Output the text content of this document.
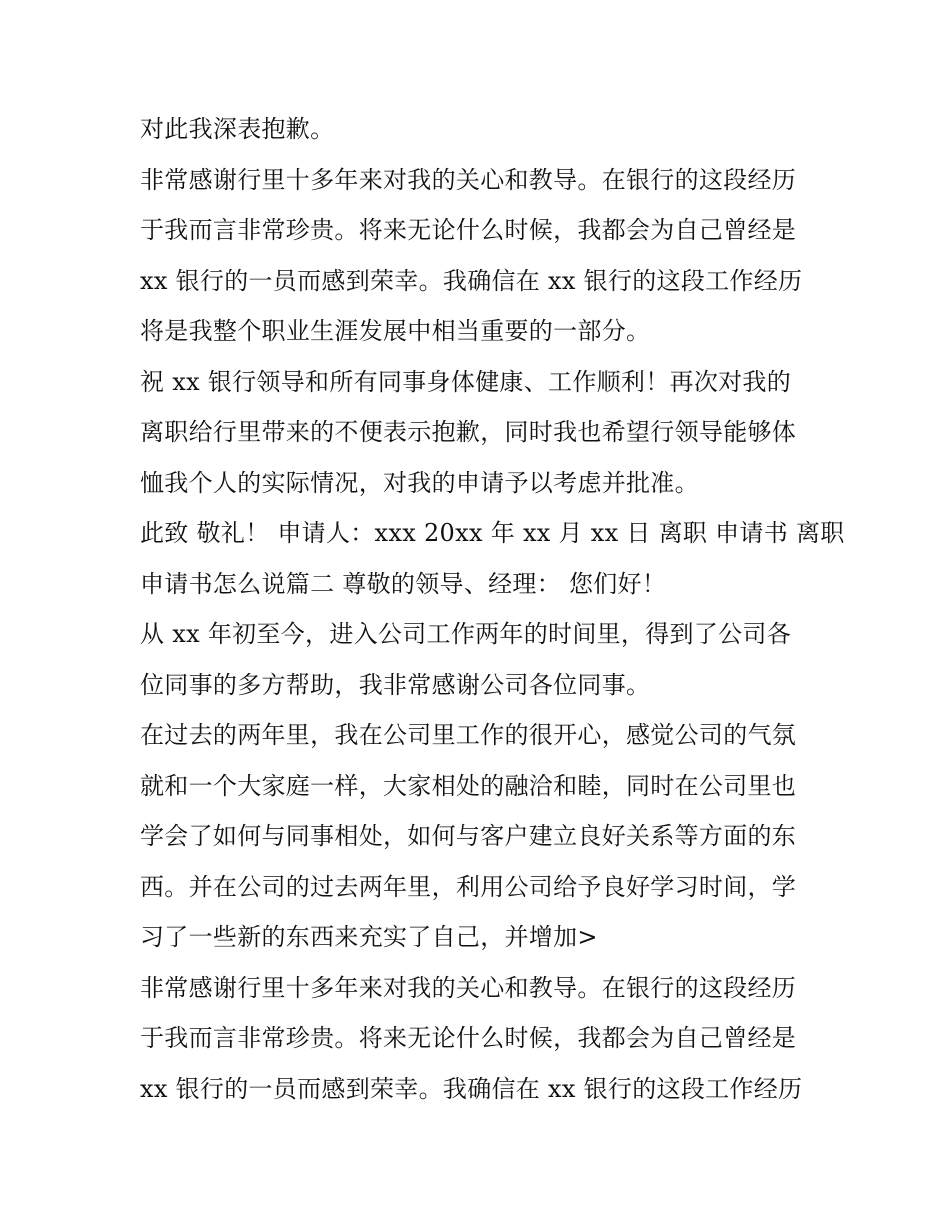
对此我深表抱歉。
非常感谢行里十多年来对我的关心和教导。在银行的这段经历
于我而言非常珍贵。将来无论什么时候，我都会为自己曾经是
xx 银行的一员而感到荣幸。我确信在 xx 银行的这段工作经历
将是我整个职业生涯发展中相当重要的一部分。
祝 xx 银行领导和所有同事身体健康、工作顺利！再次对我的
离职给行里带来的不便表示抱歉，同时我也希望行领导能够体
恤我个人的实际情况，对我的申请予以考虑并批准。
此致 敬礼！ 申请人：xxx 20xx 年 xx 月 xx 日 离职 申请书 离职
申请书怎么说篇二 尊敬的领导、经理： 您们好！
从 xx 年初至今，进入公司工作两年的时间里，得到了公司各
位同事的多方帮助，我非常感谢公司各位同事。
在过去的两年里，我在公司里工作的很开心，感觉公司的气氛
就和一个大家庭一样，大家相处的融洽和睦，同时在公司里也
学会了如何与同事相处，如何与客户建立良好关系等方面的东
西。并在公司的过去两年里，利用公司给予良好学习时间，学
习了一些新的东西来充实了自己，并增加>
非常感谢行里十多年来对我的关心和教导。在银行的这段经历
于我而言非常珍贵。将来无论什么时候，我都会为自己曾经是
xx 银行的一员而感到荣幸。我确信在 xx 银行的这段工作经历
